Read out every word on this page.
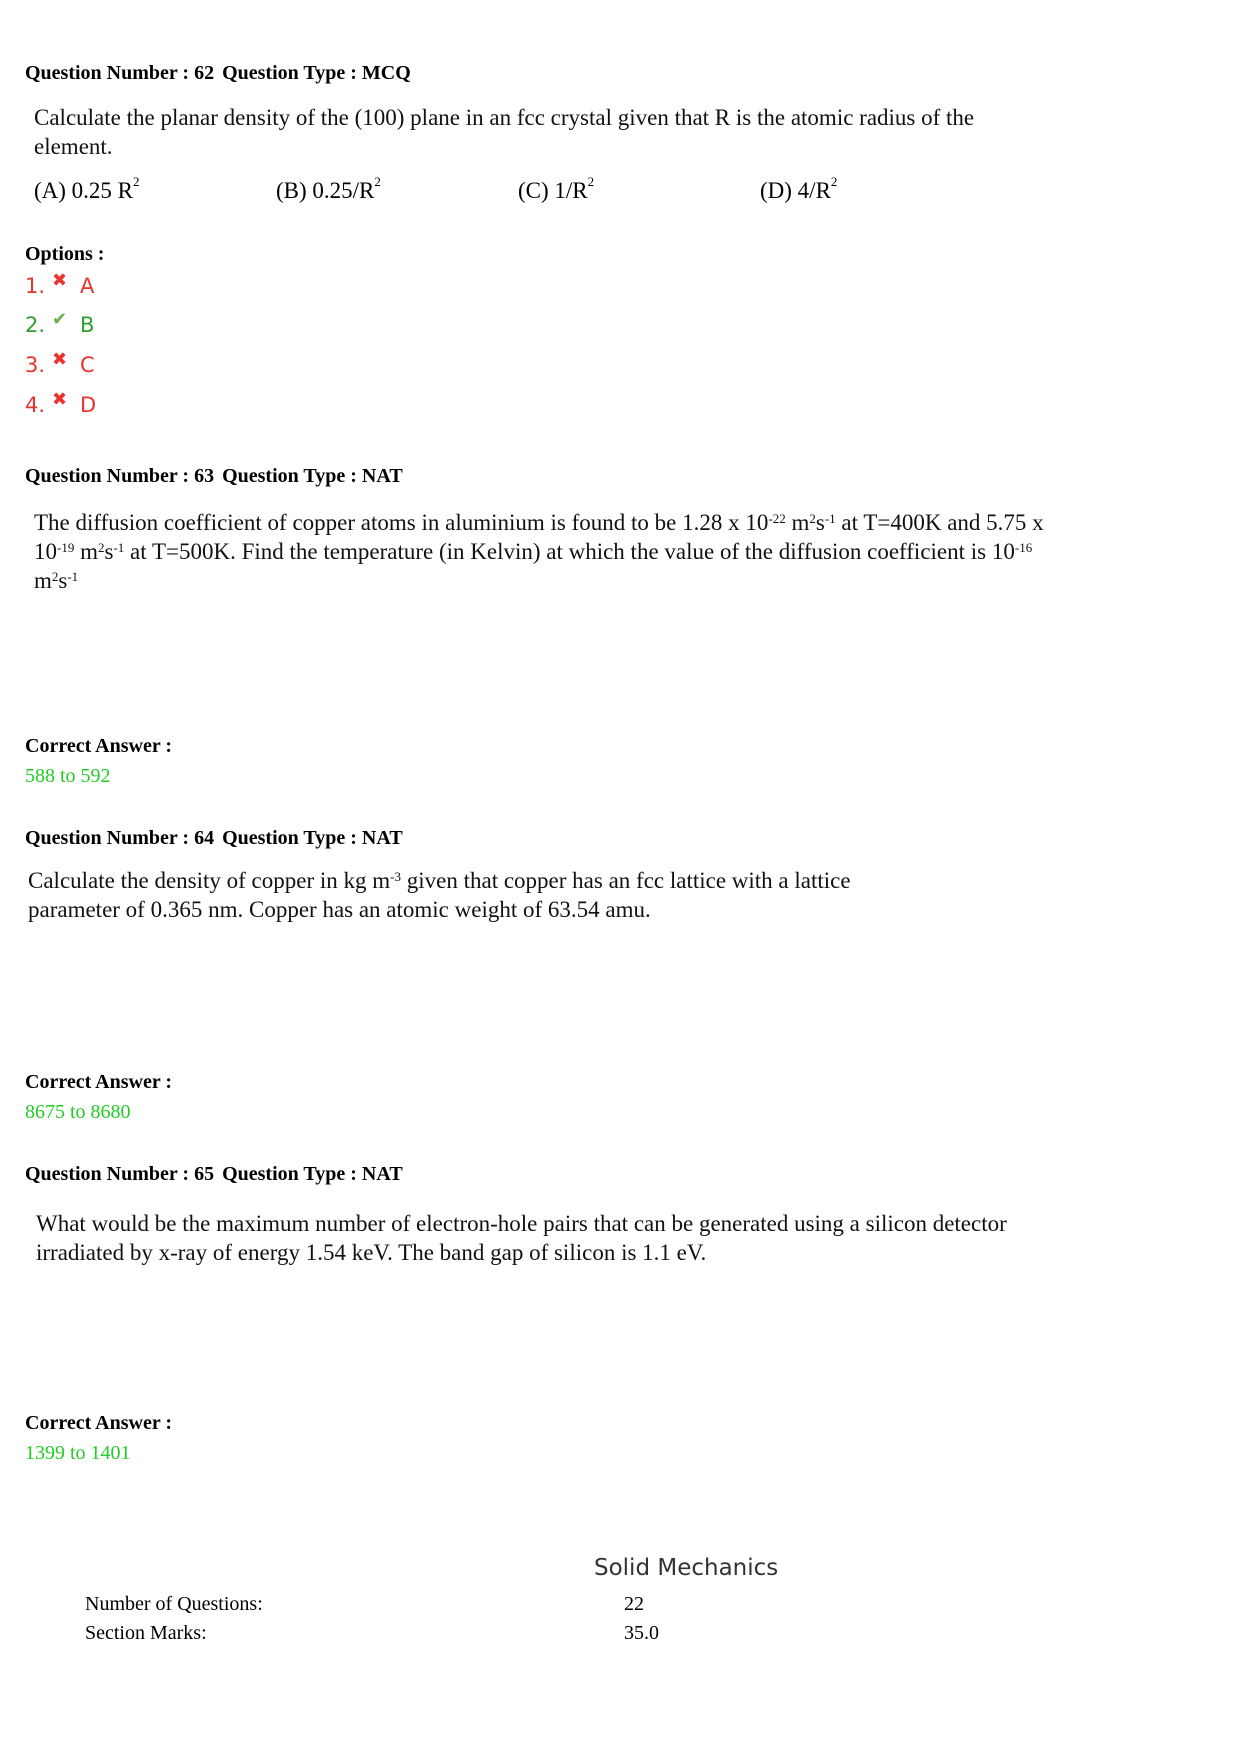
Question Number : 62 Question Type : MCQ
Calculate the planar density of the (100) plane in an fcc crystal given that R is the atomic radius of the element.
(A) 0.25 $R^2$	(B) $0.25/R^2$	(C) $1/R^2$	(D) $4/R^2$
Options :
1. ✖ A
2. ✔ B
3. ✖ C
4. ✖ D
Question Number : 63 Question Type : NAT
The diffusion coefficient of copper atoms in aluminium is found to be 1.28 x $10^{-22}$ $m^2s^{-1}$ at T=400K and 5.75 x $10^{-19}$ $m^2s^{-1}$ at T=500K. Find the temperature (in Kelvin) at which the value of the diffusion coefficient is $10^{-16}$ $m^2s^{-1}$
Correct Answer :
588 to 592
Question Number : 64 Question Type : NAT
Calculate the density of copper in kg $m^{-3}$ given that copper has an fcc lattice with a lattice parameter of 0.365 nm. Copper has an atomic weight of 63.54 amu.
Correct Answer :
8675 to 8680
Question Number : 65 Question Type : NAT
What would be the maximum number of electron-hole pairs that can be generated using a silicon detector irradiated by x-ray of energy 1.54 keV. The band gap of silicon is 1.1 eV.
Correct Answer :
1399 to 1401
Solid Mechanics
Number of Questions:	22
Section Marks:	35.0
